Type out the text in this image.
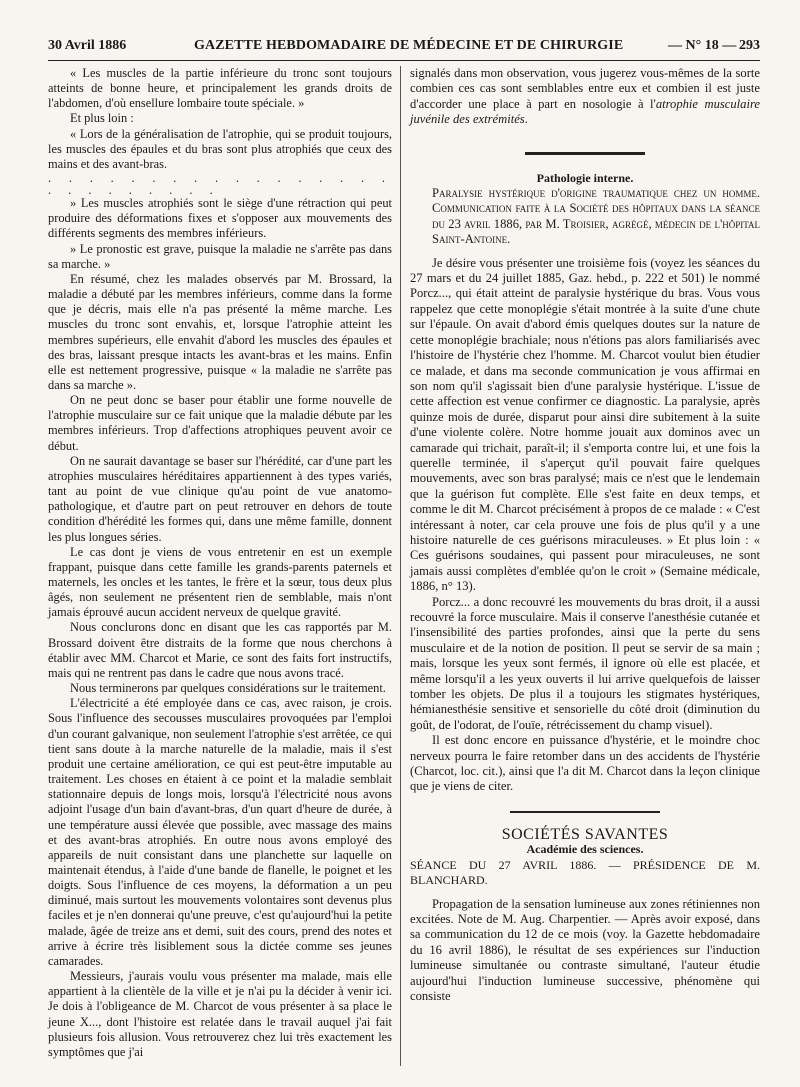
30 Avril 1886	GAZETTE HEBDOMADAIRE DE MÉDECINE ET DE CHIRURGIE	— N° 18 — 293

« Les muscles de la partie inférieure du tronc sont toujours atteints de bonne heure, et principalement les grands droits de l'abdomen, d'où ensellure lombaire toute spéciale. »

Et plus loin :

« Lors de la généralisation de l'atrophie, qui se produit toujours, les muscles des épaules et du bras sont plus atrophiés que ceux des mains et des avant-bras.

. . . . . . . . . . . . . . . . . . . . . . . . . .

» Les muscles atrophiés sont le siège d'une rétraction qui peut produire des déformations fixes et s'opposer aux mouvements des différents segments des membres inférieurs.

» Le pronostic est grave, puisque la maladie ne s'arrête pas dans sa marche. »

En résumé, chez les malades observés par M. Brossard, la maladie a débuté par les membres inférieurs, comme dans la forme que je décris, mais elle n'a pas présenté la même marche. Les muscles du tronc sont envahis, et, lorsque l'atrophie atteint les membres supérieurs, elle envahit d'abord les muscles des épaules et des bras, laissant presque intacts les avant-bras et les mains. Enfin elle est nettement progressive, puisque « la maladie ne s'arrête pas dans sa marche ».

On ne peut donc se baser pour établir une forme nouvelle de l'atrophie musculaire sur ce fait unique que la maladie débute par les membres inférieurs. Trop d'affections atrophiques peuvent avoir ce début.

On ne saurait davantage se baser sur l'hérédité, car d'une part les atrophies musculaires héréditaires appartiennent à des types variés, tant au point de vue clinique qu'au point de vue anatomo-pathologique, et d'autre part on peut retrouver en dehors de toute condition d'hérédité les formes qui, dans une même famille, donnent les plus longues séries.

Le cas dont je viens de vous entretenir en est un exemple frappant, puisque dans cette famille les grands-parents paternels et maternels, les oncles et les tantes, le frère et la sœur, tous deux plus âgés, non seulement ne présentent rien de semblable, mais n'ont jamais éprouvé aucun accident nerveux de quelque gravité.

Nous conclurons donc en disant que les cas rapportés par M. Brossard doivent être distraits de la forme que nous cherchons à établir avec MM. Charcot et Marie, ce sont des faits fort instructifs, mais qui ne rentrent pas dans le cadre que nous avons tracé.

Nous terminerons par quelques considérations sur le traitement.

L'électricité a été employée dans ce cas, avec raison, je crois. Sous l'influence des secousses musculaires provoquées par l'emploi d'un courant galvanique, non seulement l'atrophie s'est arrêtée, ce qui tient sans doute à la marche naturelle de la maladie, mais il s'est produit une certaine amélioration, ce qui est peut-être imputable au traitement. Les choses en étaient à ce point et la maladie semblait stationnaire depuis de longs mois, lorsqu'à l'électricité nous avons adjoint l'usage d'un bain d'avant-bras, d'un quart d'heure de durée, à une température aussi élevée que possible, avec massage des mains et des avant-bras atrophiés. En outre nous avons employé des appareils de nuit consistant dans une planchette sur laquelle on maintenait étendus, à l'aide d'une bande de flanelle, le poignet et les doigts. Sous l'influence de ces moyens, la déformation a un peu diminué, mais surtout les mouvements volontaires sont devenus plus faciles et je n'en donnerai qu'une preuve, c'est qu'aujourd'hui la petite malade, âgée de treize ans et demi, suit des cours, prend des notes et arrive à écrire très lisiblement sous la dictée comme ses jeunes camarades.

Messieurs, j'aurais voulu vous présenter ma malade, mais elle appartient à la clientèle de la ville et je n'ai pu la décider à venir ici. Je dois à l'obligeance de M. Charcot de vous présenter à sa place le jeune X..., dont l'histoire est relatée dans le travail auquel j'ai fait plusieurs fois allusion. Vous retrouverez chez lui très exactement les symptômes que j'ai

signalés dans mon observation, vous jugerez vous-mêmes de la sorte combien ces cas sont semblables entre eux et combien il est juste d'accorder une place à part en nosologie à l'atrophie musculaire juvénile des extrémités.

Pathologie interne.

Paralysie hystérique d'origine traumatique chez un homme. Communication faite à la Société des hôpitaux dans la séance du 23 avril 1886, par M. Troisier, agrégé, médecin de l'hôpital Saint-Antoine.

Je désire vous présenter une troisième fois (voyez les séances du 27 mars et du 24 juillet 1885, Gaz. hebd., p. 222 et 501) le nommé Porcz..., qui était atteint de paralysie hystérique du bras. Vous vous rappelez que cette monoplégie s'était montrée à la suite d'une chute sur l'épaule. On avait d'abord émis quelques doutes sur la nature de cette monoplégie brachiale; nous n'étions pas alors familiarisés avec l'histoire de l'hystérie chez l'homme. M. Charcot voulut bien étudier ce malade, et dans ma seconde communication je vous affirmai en son nom qu'il s'agissait bien d'une paralysie hystérique. L'issue de cette affection est venue confirmer ce diagnostic. La paralysie, après quinze mois de durée, disparut pour ainsi dire subitement à la suite d'une violente colère. Notre homme jouait aux dominos avec un camarade qui trichait, paraît-il; il s'emporta contre lui, et une fois la querelle terminée, il s'aperçut qu'il pouvait faire quelques mouvements, avec son bras paralysé; mais ce n'est que le lendemain que la guérison fut complète. Elle s'est faite en deux temps, et comme le dit M. Charcot précisément à propos de ce malade : « C'est intéressant à noter, car cela prouve une fois de plus qu'il y a une histoire naturelle de ces guérisons miraculeuses. » Et plus loin : « Ces guérisons soudaines, qui passent pour miraculeuses, ne sont jamais aussi complètes d'emblée qu'on le croit » (Semaine médicale, 1886, n° 13).

Porcz... a donc recouvré les mouvements du bras droit, il a aussi recouvré la force musculaire. Mais il conserve l'anesthésie cutanée et l'insensibilité des parties profondes, ainsi que la perte du sens musculaire et de la notion de position. Il peut se servir de sa main ; mais, lorsque les yeux sont fermés, il ignore où elle est placée, et même lorsqu'il a les yeux ouverts il lui arrive quelquefois de laisser tomber les objets. De plus il a toujours les stigmates hystériques, hémianesthésie sensitive et sensorielle du côté droit (diminution du goût, de l'odorat, de l'ouïe, rétrécissement du champ visuel).

Il est donc encore en puissance d'hystérie, et le moindre choc nerveux pourra le faire retomber dans un des accidents de l'hystérie (Charcot, loc. cit.), ainsi que l'a dit M. Charcot dans la leçon clinique que je viens de citer.

SOCIÉTÉS SAVANTES

Académie des sciences.

SÉANCE DU 27 AVRIL 1886. — PRÉSIDENCE DE M. BLANCHARD.

Propagation de la sensation lumineuse aux zones rétiniennes non excitées. Note de M. Aug. Charpentier. — Après avoir exposé, dans sa communication du 12 de ce mois (voy. la Gazette hebdomadaire du 16 avril 1886), le résultat de ses expériences sur l'induction lumineuse simultanée ou contraste simultané, l'auteur étudie aujourd'hui l'induction lumineuse successive, phénomène qui consiste
